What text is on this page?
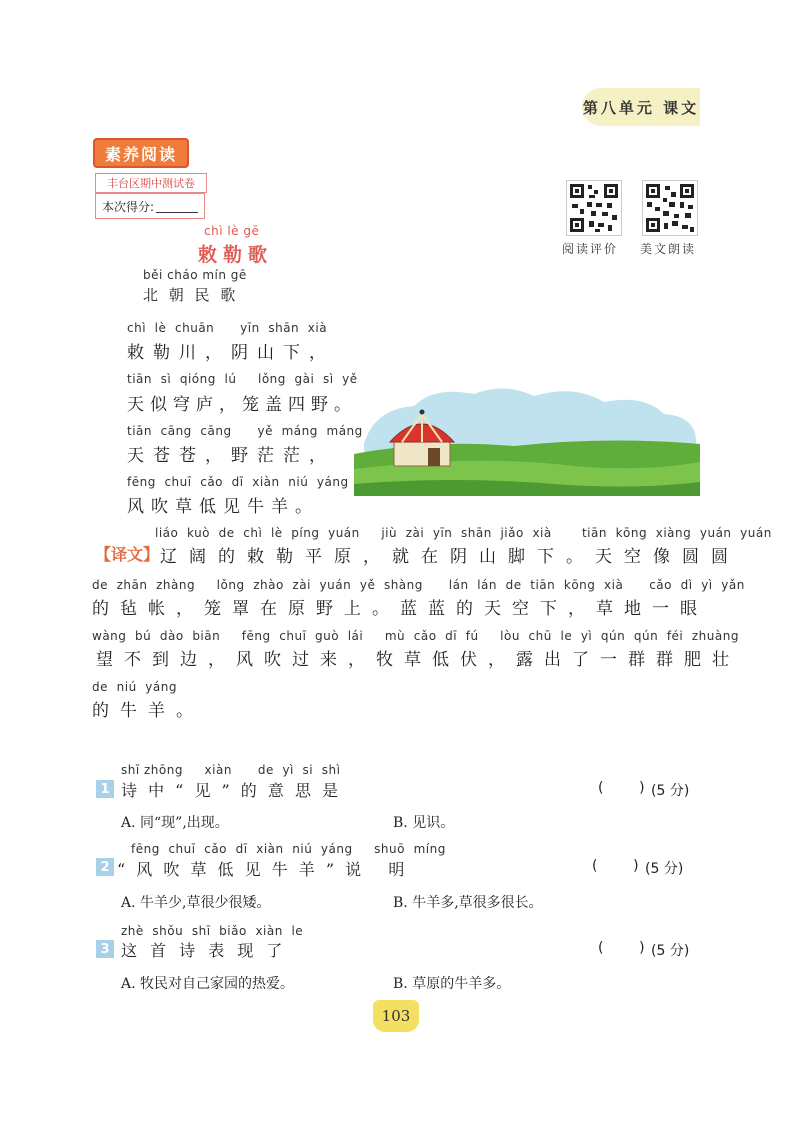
第八单元 课文
素养阅读
丰台区期中测试卷
本次得分:
阅读评价 美文朗读
chì lè gē
敕勒歌
běi cháo mín gē
北 朝 民 歌
chì  lè  chuān      yīn  shān  xià
敕勒川，阴山下，
tiān  sì  qióng  lú     lǒng  gài  sì  yě
天似穹庐，笼盖四野。
tiān  cāng  cāng      yě  máng  máng
天苍苍，野茫茫，
fēng  chuī  cǎo  dī  xiàn  niú  yáng
风吹草低见牛羊。
【译文】
liáo  kuò  de  chì  lè  píng  yuán     jiù  zài  yīn  shān  jiǎo  xià       tiān  kōng  xiàng  yuán  yuán
辽阔的敕勒平原，就在阴山脚下。天空像圆圆
de  zhān  zhàng     lǒng  zhào  zài  yuán  yě  shàng      lán  lán  de  tiān  kōng  xià      cǎo  dì  yì  yǎn
的毡帐，笼罩在原野上。蓝蓝的天空下，草地一眼
wàng  bú  dào  biān     fēng  chuī  guò  lái     mù  cǎo  dī  fú     lòu  chū  le  yì  qún  qún  féi  zhuàng
望不到边，风吹过来，牧草低伏，露出了一群群肥壮
de  niú  yáng
的牛羊。
shī zhōng     xiàn      de  yì  si  shì
1 诗 中 “ 见 ” 的 意 思 是	(        ) (5 分)
A. 同“现”,出现。	B. 见识。
fēng  chuī  cǎo  dī  xiàn  niú  yáng     shuō  míng
2 “ 风 吹 草 低 见 牛 羊 ” 说   明	(        ) (5 分)
A. 牛羊少,草很少很矮。	B. 牛羊多,草很多很长。
zhè  shǒu  shī  biǎo  xiàn  le
3 这 首 诗 表 现 了	(        ) (5 分)
A. 牧民对自己家园的热爱。	B. 草原的牛羊多。
103
